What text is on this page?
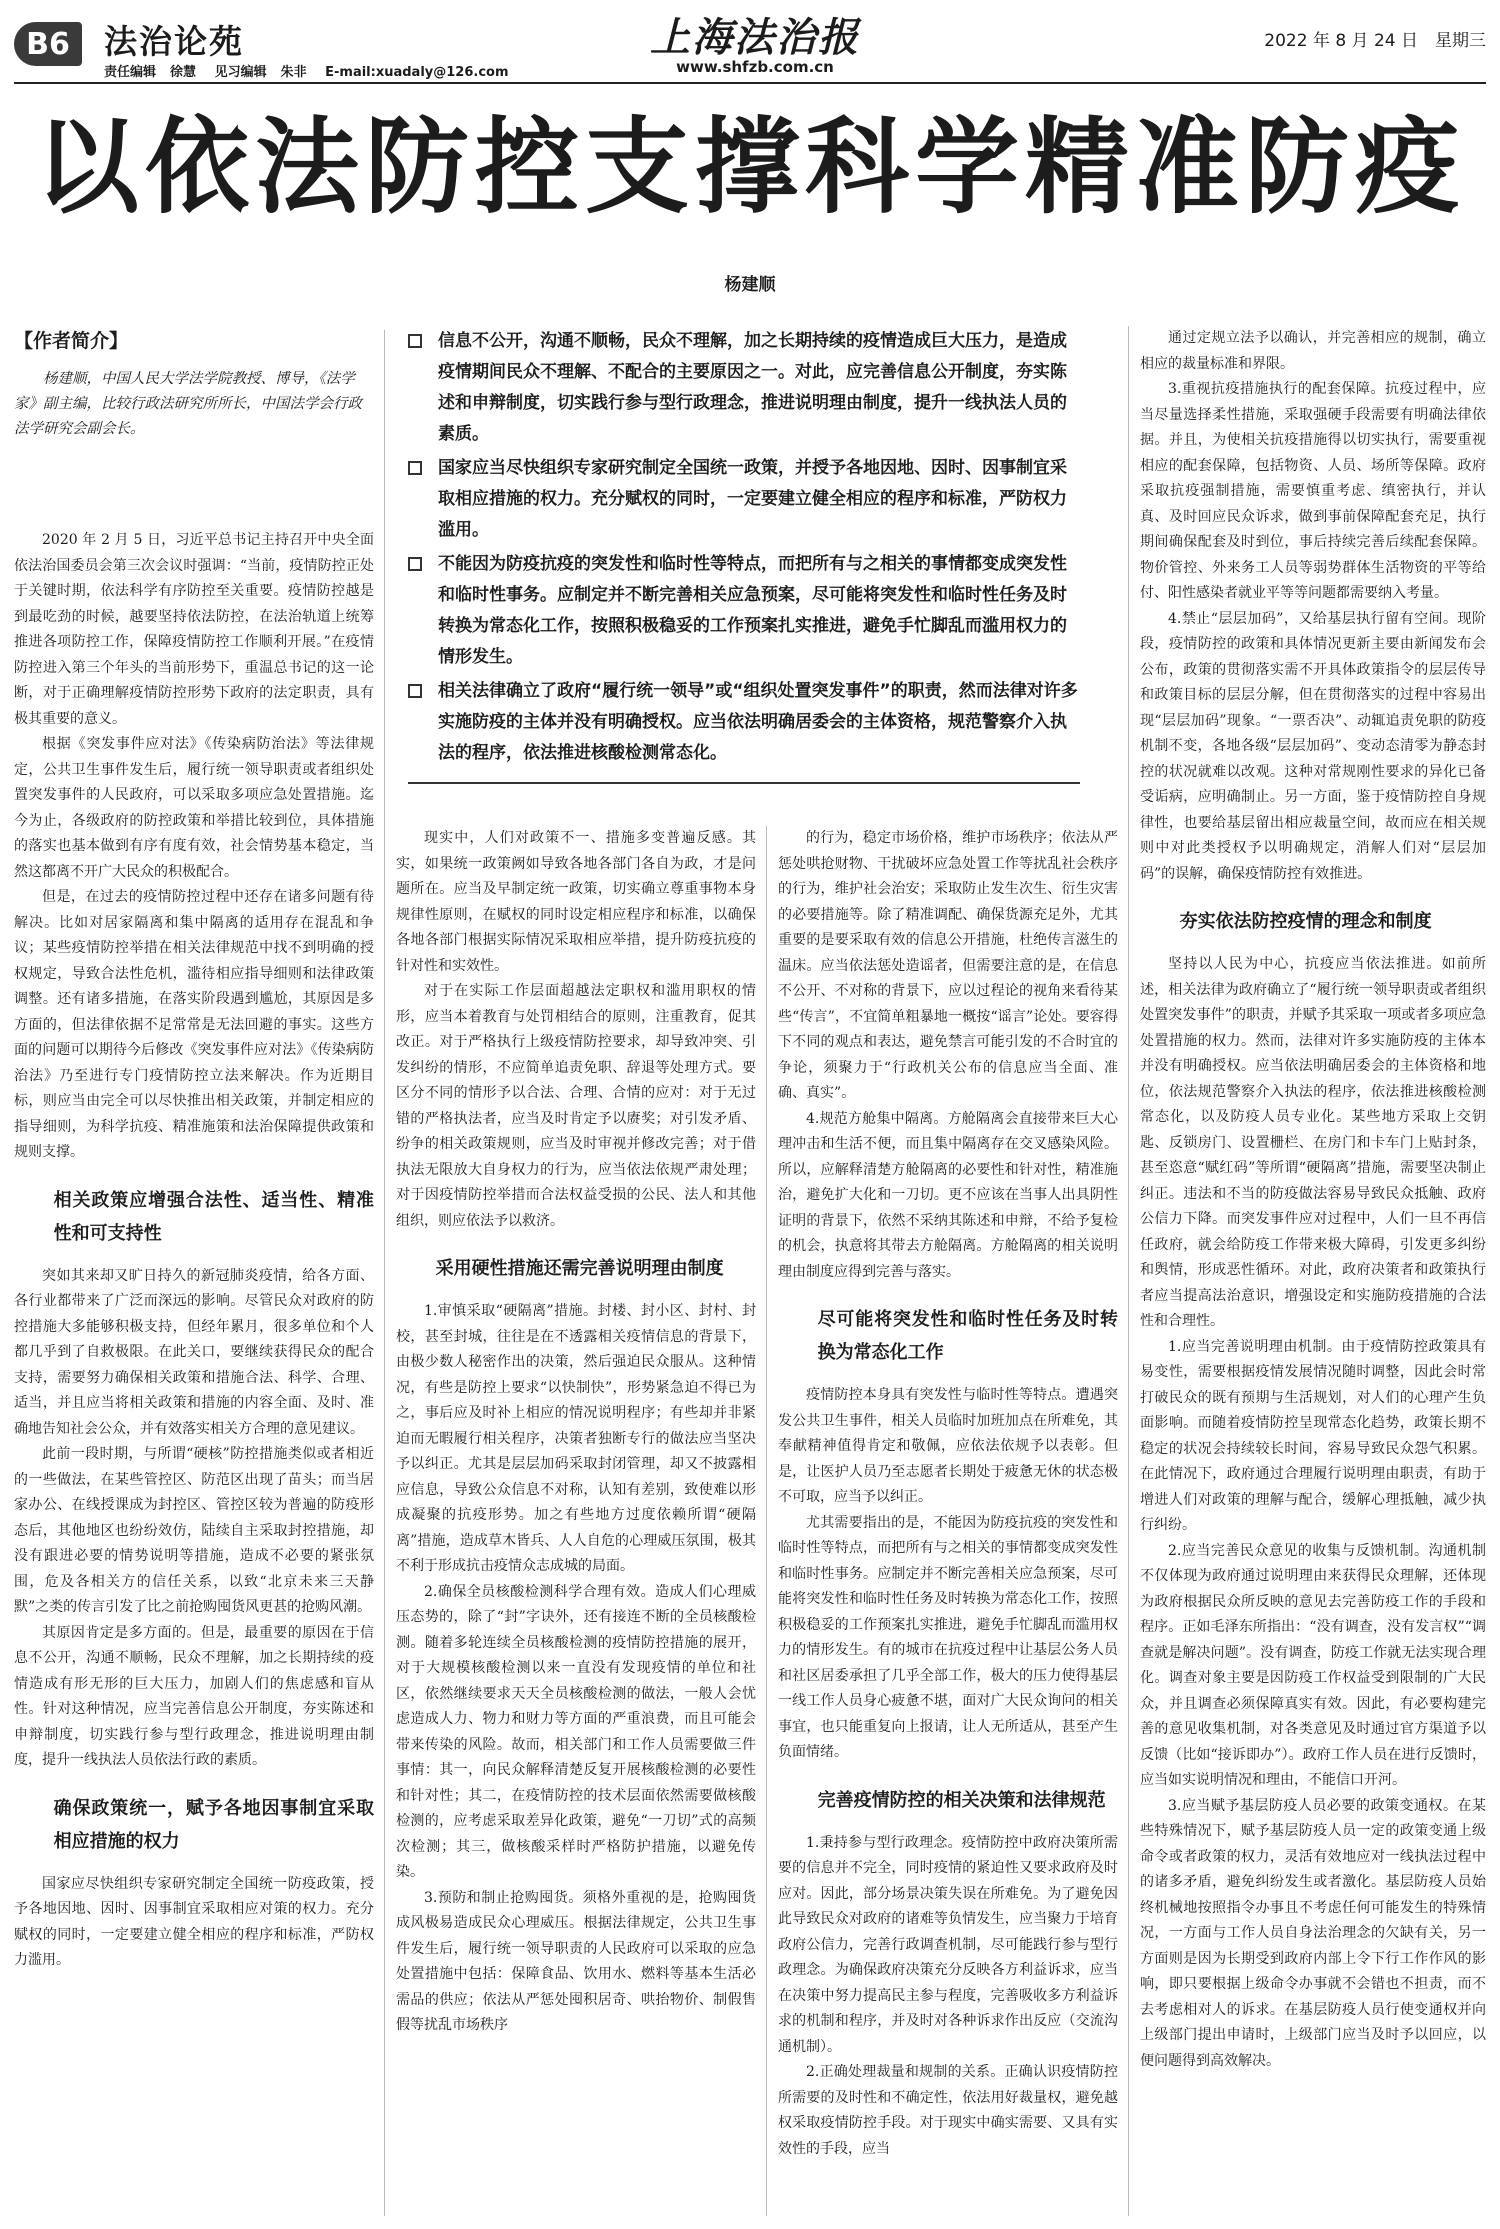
B6	法治论苑
责任编辑 徐慧 见习编辑 朱非 E-mail:xuadaly@126.com
上海法治报
www.shfzb.com.cn
2022 年 8 月 24 日　星期三
以依法防控支撑科学精准防疫
杨建顺
【作者简介】
杨建顺，中国人民大学法学院教授、博导，《法学家》副主编，比较行政法研究所所长，中国法学会行政法学研究会副会长。
信息不公开，沟通不顺畅，民众不理解，加之长期持续的疫情造成巨大压力，是造成疫情期间民众不理解、不配合的主要原因之一。对此，应完善信息公开制度，夯实陈述和申辩制度，切实践行参与型行政理念，推进说明理由制度，提升一线执法人员的素质。
国家应当尽快组织专家研究制定全国统一政策，并授予各地因地、因时、因事制宜采取相应措施的权力。充分赋权的同时，一定要建立健全相应的程序和标准，严防权力滥用。
不能因为防疫抗疫的突发性和临时性等特点，而把所有与之相关的事情都变成突发性和临时性事务。应制定并不断完善相关应急预案，尽可能将突发性和临时性任务及时转换为常态化工作，按照积极稳妥的工作预案扎实推进，避免手忙脚乱而滥用权力的情形发生。
相关法律确立了政府“履行统一领导”或“组织处置突发事件”的职责，然而法律对许多实施防疫的主体并没有明确授权。应当依法明确居委会的主体资格，规范警察介入执法的程序，依法推进核酸检测常态化。

2020 年 2 月 5 日，习近平总书记主持召开中央全面依法治国委员会第三次会议时强调：“当前，疫情防控正处于关键时期，依法科学有序防控至关重要。疫情防控越是到最吃劲的时候，越要坚持依法防控，在法治轨道上统筹推进各项防控工作，保障疫情防控工作顺利开展。”在疫情防控进入第三个年头的当前形势下，重温总书记的这一论断，对于正确理解疫情防控形势下政府的法定职责，具有极其重要的意义。

根据《突发事件应对法》《传染病防治法》等法律规定，公共卫生事件发生后，履行统一领导职责或者组织处置突发事件的人民政府，可以采取多项应急处置措施。迄今为止，各级政府的防控政策和举措比较到位，具体措施的落实也基本做到有序有度有效，社会情势基本稳定，当然这都离不开广大民众的积极配合。

但是，在过去的疫情防控过程中还存在诸多问题有待解决。比如对居家隔离和集中隔离的适用存在混乱和争议；某些疫情防控举措在相关法律规范中找不到明确的授权规定，导致合法性危机，滥待相应指导细则和法律政策调整。还有诸多措施，在落实阶段遇到尴尬，其原因是多方面的，但法律依据不足常常是无法回避的事实。这些方面的问题可以期待今后修改《突发事件应对法》《传染病防治法》乃至进行专门疫情防控立法来解决。作为近期目标，则应当由完全可以尽快推出相关政策，并制定相应的指导细则，为科学抗疫、精准施策和法治保障提供政策和规则支撑。

相关政策应增强合法性、适当性、精准性和可支持性

突如其来却又旷日持久的新冠肺炎疫情，给各方面、各行业都带来了广泛而深远的影响。尽管民众对政府的防控措施大多能够积极支持，但经年累月，很多单位和个人都几乎到了自救极限。在此关口，要继续获得民众的配合支持，需要努力确保相关政策和措施合法、科学、合理、适当，并且应当将相关政策和措施的内容全面、及时、准确地告知社会公众，并有效落实相关方合理的意见建议。

此前一段时期，与所谓“硬核”防控措施类似或者相近的一些做法，在某些管控区、防范区出现了苗头；而当居家办公、在线授课成为封控区、管控区较为普遍的防疫形态后，其他地区也纷纷效仿，陆续自主采取封控措施，却没有跟进必要的情势说明等措施，造成不必要的紧张氛围，危及各相关方的信任关系，以致“北京未来三天静默”之类的传言引发了比之前抢购囤货风更甚的抢购风潮。

其原因肯定是多方面的。但是，最重要的原因在于信息不公开，沟通不顺畅，民众不理解，加之长期持续的疫情造成有形无形的巨大压力，加剧人们的焦虑感和盲从性。针对这种情况，应当完善信息公开制度，夯实陈述和申辩制度，切实践行参与型行政理念，推进说明理由制度，提升一线执法人员依法行政的素质。

确保政策统一，赋予各地因事制宜采取相应措施的权力

国家应尽快组织专家研究制定全国统一防疫政策，授予各地因地、因时、因事制宜采取相应对策的权力。充分赋权的同时，一定要建立健全相应的程序和标准，严防权力滥用。

现实中，人们对政策不一、措施多变普遍反感。其实，如果统一政策阙如导致各地各部门各自为政，才是问题所在。应当及早制定统一政策，切实确立尊重事物本身规律性原则，在赋权的同时设定相应程序和标准，以确保各地各部门根据实际情况采取相应举措，提升防疫抗疫的针对性和实效性。

对于在实际工作层面超越法定职权和滥用职权的情形，应当本着教育与处罚相结合的原则，注重教育，促其改正。对于严格执行上级疫情防控要求，却导致冲突、引发纠纷的情形，不应简单追责免职、辞退等处理方式。要区分不同的情形予以合法、合理、合情的应对：对于无过错的严格执法者，应当及时肯定予以赓奖；对引发矛盾、纷争的相关政策规则，应当及时审视并修改完善；对于借执法无限放大自身权力的行为，应当依法依规严肃处理；对于因疫情防控举措而合法权益受损的公民、法人和其他组织，则应依法予以救济。

采用硬性措施还需完善说明理由制度

1.审慎采取“硬隔离”措施。封楼、封小区、封村、封校，甚至封城，往往是在不透露相关疫情信息的背景下，由极少数人秘密作出的决策，然后强迫民众服从。这种情况，有些是防控上要求“以快制快”，形势紧急迫不得已为之，事后应及时补上相应的情况说明程序；有些却并非紧迫而无暇履行相关程序，决策者独断专行的做法应当坚决予以纠正。尤其是层层加码采取封闭管理，却又不披露相应信息，导致公众信息不对称，认知有差别，致使难以形成凝聚的抗疫形势。加之有些地方过度依赖所谓“硬隔离”措施，造成草木皆兵、人人自危的心理威压氛围，极其不利于形成抗击疫情众志成城的局面。

2.确保全员核酸检测科学合理有效。造成人们心理威压态势的，除了“封”字诀外，还有接连不断的全员核酸检测。随着多轮连续全员核酸检测的疫情防控措施的展开，对于大规模核酸检测以来一直没有发现疫情的单位和社区，依然继续要求天天全员核酸检测的做法，一般人会忧虑造成人力、物力和财力等方面的严重浪费，而且可能会带来传染的风险。故而，相关部门和工作人员需要做三件事情：其一，向民众解释清楚反复开展核酸检测的必要性和针对性；其二，在疫情防控的技术层面依然需要做核酸检测的，应考虑采取差异化政策，避免“一刀切”式的高频次检测；其三，做核酸采样时严格防护措施，以避免传染。

3.预防和制止抢购囤货。须格外重视的是，抢购囤货成风极易造成民众心理威压。根据法律规定，公共卫生事件发生后，履行统一领导职责的人民政府可以采取的应急处置措施中包括：保障食品、饮用水、燃料等基本生活必需品的供应；依法从严惩处囤积居奇、哄抬物价、制假售假等扰乱市场秩序

的行为，稳定市场价格，维护市场秩序；依法从严惩处哄抢财物、干扰破坏应急处置工作等扰乱社会秩序的行为，维护社会治安；采取防止发生次生、衍生灾害的必要措施等。除了精准调配、确保货源充足外，尤其重要的是要采取有效的信息公开措施，杜绝传言滋生的温床。应当依法惩处造谣者，但需要注意的是，在信息不公开、不对称的背景下，应以过程论的视角来看待某些“传言”，不宜简单粗暴地一概按“谣言”论处。要容得下不同的观点和表达，避免禁言可能引发的不合时宜的争论，须聚力于“行政机关公布的信息应当全面、准确、真实”。

4.规范方舱集中隔离。方舱隔离会直接带来巨大心理冲击和生活不便，而且集中隔离存在交叉感染风险。所以，应解释清楚方舱隔离的必要性和针对性，精准施治，避免扩大化和一刀切。更不应该在当事人出具阴性证明的背景下，依然不采纳其陈述和申辩，不给予复检的机会，执意将其带去方舱隔离。方舱隔离的相关说明理由制度应得到完善与落实。

尽可能将突发性和临时性任务及时转换为常态化工作

疫情防控本身具有突发性与临时性等特点。遭遇突发公共卫生事件，相关人员临时加班加点在所难免，其奉献精神值得肯定和敬佩，应依法依规予以表彰。但是，让医护人员乃至志愿者长期处于疲惫无休的状态极不可取，应当予以纠正。

尤其需要指出的是，不能因为防疫抗疫的突发性和临时性等特点，而把所有与之相关的事情都变成突发性和临时性事务。应制定并不断完善相关应急预案，尽可能将突发性和临时性任务及时转换为常态化工作，按照积极稳妥的工作预案扎实推进，避免手忙脚乱而滥用权力的情形发生。有的城市在抗疫过程中让基层公务人员和社区居委承担了几乎全部工作，极大的压力使得基层一线工作人员身心疲惫不堪，面对广大民众询问的相关事宜，也只能重复向上报请，让人无所适从，甚至产生负面情绪。

完善疫情防控的相关决策和法律规范

1.秉持参与型行政理念。疫情防控中政府决策所需要的信息并不完全，同时疫情的紧迫性又要求政府及时应对。因此，部分场景决策失误在所难免。为了避免因此导致民众对政府的诸难等负情发生，应当聚力于培育政府公信力，完善行政调查机制，尽可能践行参与型行政理念。为确保政府决策充分反映各方利益诉求，应当在决策中努力提高民主参与程度，完善吸收多方利益诉求的机制和程序，并及时对各种诉求作出反应（交流沟通机制）。

2.正确处理裁量和规制的关系。正确认识疫情防控所需要的及时性和不确定性，依法用好裁量权，避免越权采取疫情防控手段。对于现实中确实需要、又具有实效性的手段，应当

通过定规立法予以确认，并完善相应的规制，确立相应的裁量标准和界限。

3.重视抗疫措施执行的配套保障。抗疫过程中，应当尽量选择柔性措施，采取强硬手段需要有明确法律依据。并且，为使相关抗疫措施得以切实执行，需要重视相应的配套保障，包括物资、人员、场所等保障。政府采取抗疫强制措施，需要慎重考虑、缜密执行，并认真、及时回应民众诉求，做到事前保障配套充足，执行期间确保配套及时到位，事后持续完善后续配套保障。物价管控、外来务工人员等弱势群体生活物资的平等给付、阳性感染者就业平等等问题都需要纳入考量。

4.禁止“层层加码”，又给基层执行留有空间。现阶段，疫情防控的政策和具体情况更新主要由新闻发布会公布，政策的贯彻落实需不开具体政策指令的层层传导和政策目标的层层分解，但在贯彻落实的过程中容易出现“层层加码”现象。“一票否决”、动辄追责免职的防疫机制不变，各地各级“层层加码”、变动态清零为静态封控的状况就难以改观。这种对常规刚性要求的异化已备受诟病，应明确制止。另一方面，鉴于疫情防控自身规律性，也要给基层留出相应裁量空间，故而应在相关规则中对此类授权予以明确规定，消解人们对“层层加码”的误解，确保疫情防控有效推进。

夯实依法防控疫情的理念和制度

坚持以人民为中心，抗疫应当依法推进。如前所述，相关法律为政府确立了“履行统一领导职责或者组织处置突发事件”的职责，并赋予其采取一项或者多项应急处置措施的权力。然而，法律对许多实施防疫的主体本并没有明确授权。应当依法明确居委会的主体资格和地位，依法规范警察介入执法的程序，依法推进核酸检测常态化，以及防疫人员专业化。某些地方采取上交钥匙、反锁房门、设置栅栏、在房门和卡车门上贴封条，甚至恣意“赋红码”等所谓“硬隔离”措施，需要坚决制止纠正。违法和不当的防疫做法容易导致民众抵触、政府公信力下降。而突发事件应对过程中，人们一旦不再信任政府，就会给防疫工作带来极大障碍，引发更多纠纷和舆情，形成恶性循环。对此，政府决策者和政策执行者应当提高法治意识，增强设定和实施防疫措施的合法性和合理性。

1.应当完善说明理由机制。由于疫情防控政策具有易变性，需要根据疫情发展情况随时调整，因此会时常打破民众的既有预期与生活规划，对人们的心理产生负面影响。而随着疫情防控呈现常态化趋势，政策长期不稳定的状况会持续较长时间，容易导致民众怨气积累。在此情况下，政府通过合理履行说明理由职责，有助于增进人们对政策的理解与配合，缓解心理抵触，减少执行纠纷。

2.应当完善民众意见的收集与反馈机制。沟通机制不仅体现为政府通过说明理由来获得民众理解，还体现为政府根据民众所反映的意见去完善防疫工作的手段和程序。正如毛泽东所指出：“没有调查，没有发言权”“调查就是解决问题”。没有调查，防疫工作就无法实现合理化。调查对象主要是因防疫工作权益受到限制的广大民众，并且调查必须保障真实有效。因此，有必要构建完善的意见收集机制，对各类意见及时通过官方渠道予以反馈（比如“接诉即办”）。政府工作人员在进行反馈时，应当如实说明情况和理由，不能信口开河。

3.应当赋予基层防疫人员必要的政策变通权。在某些特殊情况下，赋予基层防疫人员一定的政策变通上级命令或者政策的权力，灵活有效地应对一线执法过程中的诸多矛盾，避免纠纷发生或者激化。基层防疫人员始终机械地按照指令办事且不考虑任何可能发生的特殊情况，一方面与工作人员自身法治理念的欠缺有关，另一方面则是因为长期受到政府内部上令下行工作作风的影响，即只要根据上级命令办事就不会错也不担责，而不去考虑相对人的诉求。在基层防疫人员行使变通权并向上级部门提出申请时，上级部门应当及时予以回应，以便问题得到高效解决。
